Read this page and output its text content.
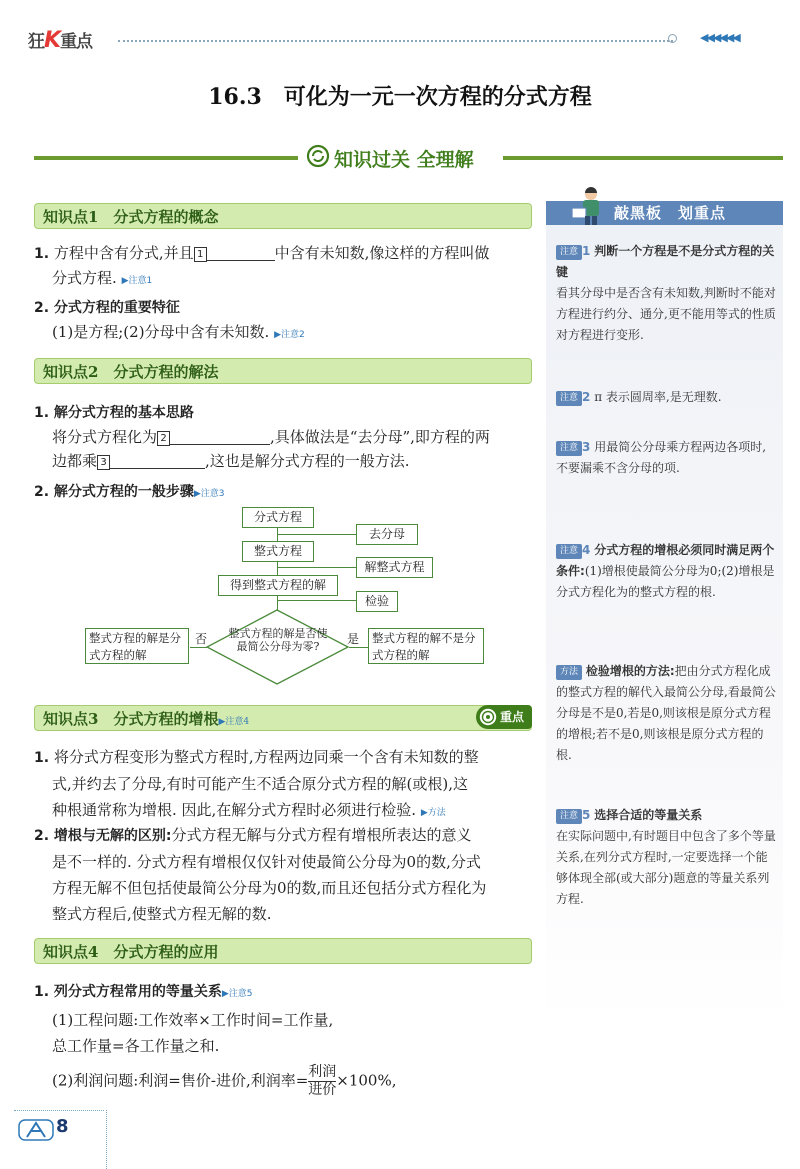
狂K重点	◀◀◀◀◀◀
16.3　可化为一元一次方程的分式方程
知识过关 全理解
知识点1　分式方程的概念
1. 方程中含有分式,并且 1	中含有未知数,像这样的方程叫做
分式方程. ▶注意1
2. 分式方程的重要特征
(1)是方程;(2)分母中含有未知数. ▶注意2
知识点2　分式方程的解法
1. 解分式方程的基本思路
将分式方程化为 2	,具体做法是“去分母”,即方程的两
边都乘 3	,这也是解分式方程的一般方法.
2. 解分式方程的一般步骤▶注意3
分式方程
去分母
整式方程
解整式方程
得到整式方程的解
检验
整式方程的解是否使最简公分母为零?
否	是
整式方程的解是分式方程的解
整式方程的解不是分式方程的解
知识点3　分式方程的增根▶注意4	重点
1. 将分式方程变形为整式方程时,方程两边同乘一个含有未知数的整
式,并约去了分母,有时可能产生不适合原分式方程的解(或根),这
种根通常称为增根. 因此,在解分式方程时必须进行检验. ▶方法
2. 增根与无解的区别:分式方程无解与分式方程有增根所表达的意义
是不一样的. 分式方程有增根仅仅针对使最简公分母为0的数,分式
方程无解不但包括使最简公分母为0的数,而且还包括分式方程化为
整式方程后,使整式方程无解的数.
知识点4　分式方程的应用
1. 列分式方程常用的等量关系▶注意5
(1)工程问题:工作效率×工作时间=工作量,
总工作量=各工作量之和.
(2)利润问题:利润=售价-进价,利润率= 利润
进价
×100%,
敲黑板　划重点
注意 1 判断一个方程是不是分式方程的关键
看其分母中是否含有未知数,判断时不能对方程进行约分、通分,更不能用等式的性质对方程进行变形.
注意 2 π 表示圆周率,是无理数.
注意 3 用最简公分母乘方程两边各项时,不要漏乘不含分母的项.
注意 4 分式方程的增根必须同时满足两个条件:(1)增根使最简公分母为0;(2)增根是分式方程化为的整式方程的根.
方法 检验增根的方法:把由分式方程化成的整式方程的解代入最简公分母,看最简公分母是不是0,若是0,则该根是原分式方程的增根;若不是0,则该根是原分式方程的根.
注意 5 选择合适的等量关系
在实际问题中,有时题目中包含了多个等量关系,在列分式方程时,一定要选择一个能够体现全部(或大部分)题意的等量关系列方程.
8
